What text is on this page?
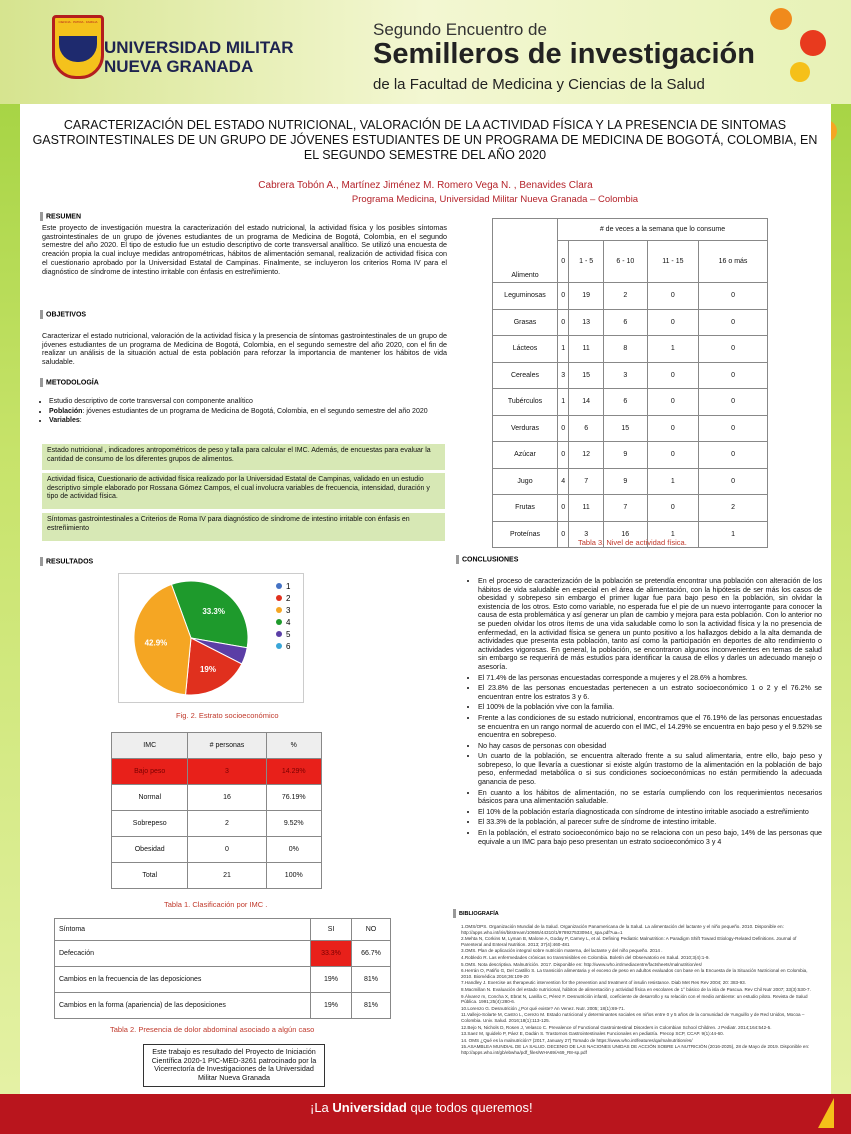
CIENCIA · PATRIA · FAMILIA
UNIVERSIDAD MILITAR
NUEVA GRANADA
Segundo Encuentro de
Semilleros de investigación
de la Facultad de Medicina y Ciencias de la Salud
CARACTERIZACIÓN DEL ESTADO NUTRICIONAL, VALORACIÓN DE LA ACTIVIDAD FÍSICA Y LA PRESENCIA DE SINTOMAS GASTROINTESTINALES DE UN GRUPO DE JÓVENES ESTUDIANTES DE UN PROGRAMA DE MEDICINA DE BOGOTÁ, COLOMBIA, EN EL SEGUNDO SEMESTRE DEL AÑO 2020
Cabrera Tobón A., Martínez Jiménez M. Romero Vega N. , Benavides Clara
Programa Medicina, Universidad Militar Nueva Granada – Colombia
RESUMEN
Este proyecto de investigación muestra la caracterización del estado nutricional, la actividad física y los posibles síntomas gastrointestinales de un grupo de jóvenes estudiantes de un programa de Medicina de Bogotá, Colombia, en el segundo semestre del año 2020. El tipo de estudio fue un estudio descriptivo de corte transversal analítico. Se utilizó una encuesta de creación propia la cual incluye medidas antropométricas, hábitos de alimentación semanal, realización de actividad física con el cuestionario aprobado por la Universidad Estatal de Campinas. Finalmente, se incluyeron los criterios Roma IV para el diagnóstico de síndrome de intestino irritable con énfasis en estreñimiento.
OBJETIVOS
Caracterizar el estado nutricional, valoración de la actividad física y la presencia de síntomas gastrointestinales de un grupo de jóvenes estudiantes de un programa de Medicina de Bogotá, Colombia, en el segundo semestre del año 2020, con el fin de realizar un análisis de la situación actual de esta población para reforzar la importancia de mantener los hábitos de vida saludable.
METODOLOGÍA
• Estudio descriptivo de corte transversal con componente analítico
• Población: jóvenes estudiantes de un programa de Medicina de Bogotá, Colombia, en el segundo semestre del año 2020
• Variables:
Estado nutricional , indicadores antropométricos de peso y talla para calcular el IMC. Además, de encuestas para evaluar la cantidad de consumo de los diferentes grupos de alimentos.
Actividad física, Cuestionario de actividad física realizado por la Universidad Estatal de Campinas, validado en un estudio descriptivo simple elaborado por Rossana Gómez Campos, el cual involucra variables de frecuencia, intensidad, duración y tipo de actividad física.
Síntomas gastrointestinales a Criterios de Roma IV para diagnóstico de síndrome de intestino irritable con énfasis en estreñimiento
RESULTADOS
33.3%
19%
42.9%
1
2
3
4
5
6
Fig. 2. Estrato socioeconómico
IMC	# personas	%
Bajo peso	3	14.29%
Normal	16	76.19%
Sobrepeso	2	9.52%
Obesidad	0	0%
Total	21	100%
Tabla 1. Clasificación por IMC .
Síntoma	SI	NO
Defecación	33.3%	66.7%
Cambios en la frecuencia de las deposiciones	19%	81%
Cambios en la forma (apariencia) de las deposiciones	19%	81%
Tabla 2. Presencia de dolor abdominal asociado a algún caso
Este trabajo es resultado del Proyecto de Iniciación Científica 2020-1 PIC-MED-3261 patrocinado por la Vicerrectoría de Investigaciones de la Universidad Militar Nueva Granada
Alimento	# de veces a la semana que lo consume				
	0	1 - 5	6 - 10	11 - 15	16 o más
Leguminosas	0	19	2	0	0
Grasas	0	13	6	0	0
Lácteos	1	11	8	1	0
Cereales	3	15	3	0	0
Tubérculos	1	14	6	0	0
Verduras	0	6	15	0	0
Azúcar	0	12	9	0	0
Jugo	4	7	9	1	0
Frutas	0	11	7	0	2
Proteínas	0	3	16	1	1
Tabla 3. Nivel de actividad física.
CONCLUSIONES
• En el proceso de caracterización de la población se pretendía encontrar una población con alteración de los hábitos de vida saludable en especial en el área de alimentación, con la hipótesis de ser más los casos de obesidad y sobrepeso sin embargo el primer lugar fue para bajo peso en la población, sin olvidar la existencia de los otros. Esto como variable, no esperada fue el pie de un nuevo interrogante para conocer la causa de esta problemática y así generar un plan de cambio y mejora para esta población. Con lo anterior no se pueden olvidar los otros ítems de una vida saludable como lo son la actividad física y la no presencia de enfermedad, en la actividad física se genera un punto positivo a los hallazgos debido a la alta demanda de actividades que presenta esta población, tanto así como la participación en deportes de alto rendimiento o actividades vigorosas. En general, la población, se encontraron algunos inconvenientes en temas de salud sin embargo se requerirá de más estudios para identificar la causa de ellos y darles un adecuado manejo o asesoría.
• El 71.4% de las personas encuestadas corresponde a mujeres y el 28.6% a hombres.
• El 23.8% de las personas encuestadas pertenecen a un estrato socioeconómico 1 o 2 y el 76.2% se encuentran entre los estratos 3 y 6.
• El 100% de la población vive con la familia.
• Frente a las condiciones de su estado nutricional, encontramos que el 76.19% de las personas encuestadas se encuentra en un rango normal de acuerdo con el IMC, el 14.29% se encuentra en bajo peso y el 9.52% se encuentra en sobrepeso.
• No hay casos de personas con obesidad
• Un cuarto de la población, se encuentra alterado frente a su salud alimentaria, entre ello, bajo peso y sobrepeso, lo que llevaría a cuestionar si existe algún trastorno de la alimentación en la población de bajo peso, enfermedad metabólica o si sus condiciones socioeconómicas no están permitiendo la adecuada ganancia de peso.
• En cuanto a los hábitos de alimentación, no se estaría cumpliendo con los requerimientos necesarios básicos para una alimentación saludable.
• El 10% de la población estaría diagnosticada con síndrome de intestino irritable asociado a estreñimiento
• El 33.3% de la población, al parecer sufre de síndrome de intestino irritable.
• En la población, el estrato socioeconómico bajo no se relaciona con un peso bajo, 14% de las personas que equivale a un IMC para bajo peso presentan un estrato socioeconómico 3 y 4
BIBLIOGRAFÍA
1.OMS/OPS. Organización Mundial de la Salud. Organización Panamericana de la Salud. La alimentación del lactante y el niño pequeño. 2010. Disponible en: http://apps.who.int/iris/bitstream/10665/44310/1/9789275330944_spa.pdf?ua=1
2.Mehta N, Corkins M, Lyman B, Malone A, Goday P, Carney L, et al. Defining Pediatric Malnutrition: A Paradigm Shift Toward Etiology-Related Definitions. Journal of Parenteral and Enteral Nutrition. 2013; 37(4):460-481
3.OMS. Plan de aplicación integral sobre nutrición materna, del lactante y del niño pequeño. 2014 .
4.Robledo R. Las enfermedades crónicas no transmisibles en Colombia. Boletín del Observatorio en Salud. 2010;3(4):1-9.
5.OMS. Nota descriptiva. Malnutrición. 2017. Disponible en: http://www.who.int/mediacentre/factsheets/malnutrition/es/
6.Herrán O, Patiño G, Del Castillo S. La transición alimentaria y el exceso de peso en adultos evaluados con base en la Encuesta de la Situación Nutricional en Colombia, 2010. Biomédica 2016;36:109-20
7.Handley J. Exercise as therapeutic intervention for the prevention and treatment of insulin resistance. Diab Met Res Rev 2004; 20: 383-93.
8.Macmillan N. Evaluación del estado nutricional, hábitos de alimentación y actividad física en escolares de 1° básico de la isla de Pascua. Rev Chil Nutr 2007; 33(3):530-7.
9.Álvarez m, Concha X, Ebrat N, Lanilla C, Pérez F. Desnutrición infantil, coeficiente de desarrollo y su relación con el medio ambiente: un estudio piloto. Revista de Salud Pública. 1991;25(4):280-6.
10.Lorenzo G. Desnutrición ¿Por qué existe? An Venez. Nutr. 2005; 18(1):69-71.
11.Vallejo-Solarte M, Castro L, Cerezo M. Estado nutricional y determinantes sociales en niños entre 0 y 5 años de la comunidad de Yunguillo y de Red Unidos, Mocoa – Colombia. Univ. Salud. 2016;18(1):113-125.
12.Bejo N, Nichols D, Rosen J, Velasco C. Prevalence of Functional Gastrointestinal Disorders in Colombian School Children. J Pediatr. 2014;164:542-5.
13.Saez M, Iguidelo P, Páez E, Dadán S. Trastornos Gastrointestinales Funcionales en pediatría. Precop SCP, CCAP. 9(1):44-60.
14. OMS ¿Qué es la malnutrición? (2017, January 27) Tomado de https://www.who.int/features/qa/malnutrition/es/
15.ASAMBLEA MUNDIAL DE LA SALUD. DECENIO DE LAS NACIONES UNIDAS DE ACCIÓN SOBRE LA NUTRICIÓN (2016-2025), 28 de Mayo de 2019. Disponible en: http://apps.who.int/gb/ebwha/pdf_files/WHA69/A69_R8-sp.pdf
¡La Universidad que todos queremos!
